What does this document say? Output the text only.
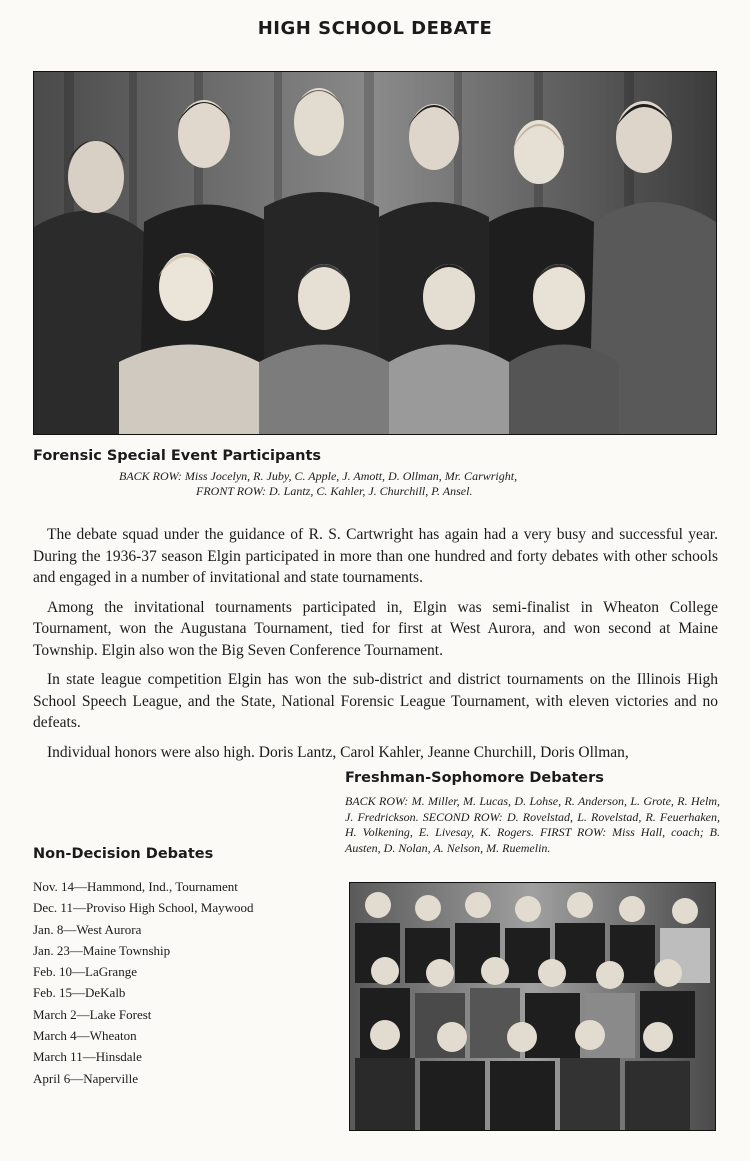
HIGH SCHOOL DEBATE
Forensic Special Event Participants
BACK ROW: Miss Jocelyn, R. Juby, C. Apple, J. Amott, D. Ollman, Mr. Carwright,
FRONT ROW: D. Lantz, C. Kahler, J. Churchill, P. Ansel.

The debate squad under the guidance of R. S. Cartwright has again had a very busy and successful year. During the 1936-37 season Elgin participated in more than one hundred and forty debates with other schools and engaged in a number of invitational and state tournaments.

Among the invitational tournaments participated in, Elgin was semi-finalist in Wheaton College Tournament, won the Augustana Tournament, tied for first at West Aurora, and won second at Maine Township. Elgin also won the Big Seven Conference Tournament.

In state league competition Elgin has won the sub-district and district tournaments on the Illinois High School Speech League, and the State, National Forensic League Tournament, with eleven victories and no defeats.

Individual honors were also high. Doris Lantz, Carol Kahler, Jeanne Churchill, Doris Ollman,

Freshman-Sophomore Debaters
BACK ROW: M. Miller, M. Lucas, D. Lohse, R. Anderson, L. Grote, R. Helm, J. Fredrickson. SECOND ROW: D. Rovelstad, L. Rovelstad, R. Feuerhaken, H. Volkening, E. Livesay, K. Rogers. FIRST ROW: Miss Hall, coach; B. Austen, D. Nolan, A. Nelson, M. Ruemelin.
Non-Decision Debates
Nov. 14—Hammond, Ind., Tournament
Dec. 11—Proviso High School, Maywood
Jan. 8—West Aurora
Jan. 23—Maine Township
Feb. 10—LaGrange
Feb. 15—DeKalb
March 2—Lake Forest
March 4—Wheaton
March 11—Hinsdale
April 6—Naperville
